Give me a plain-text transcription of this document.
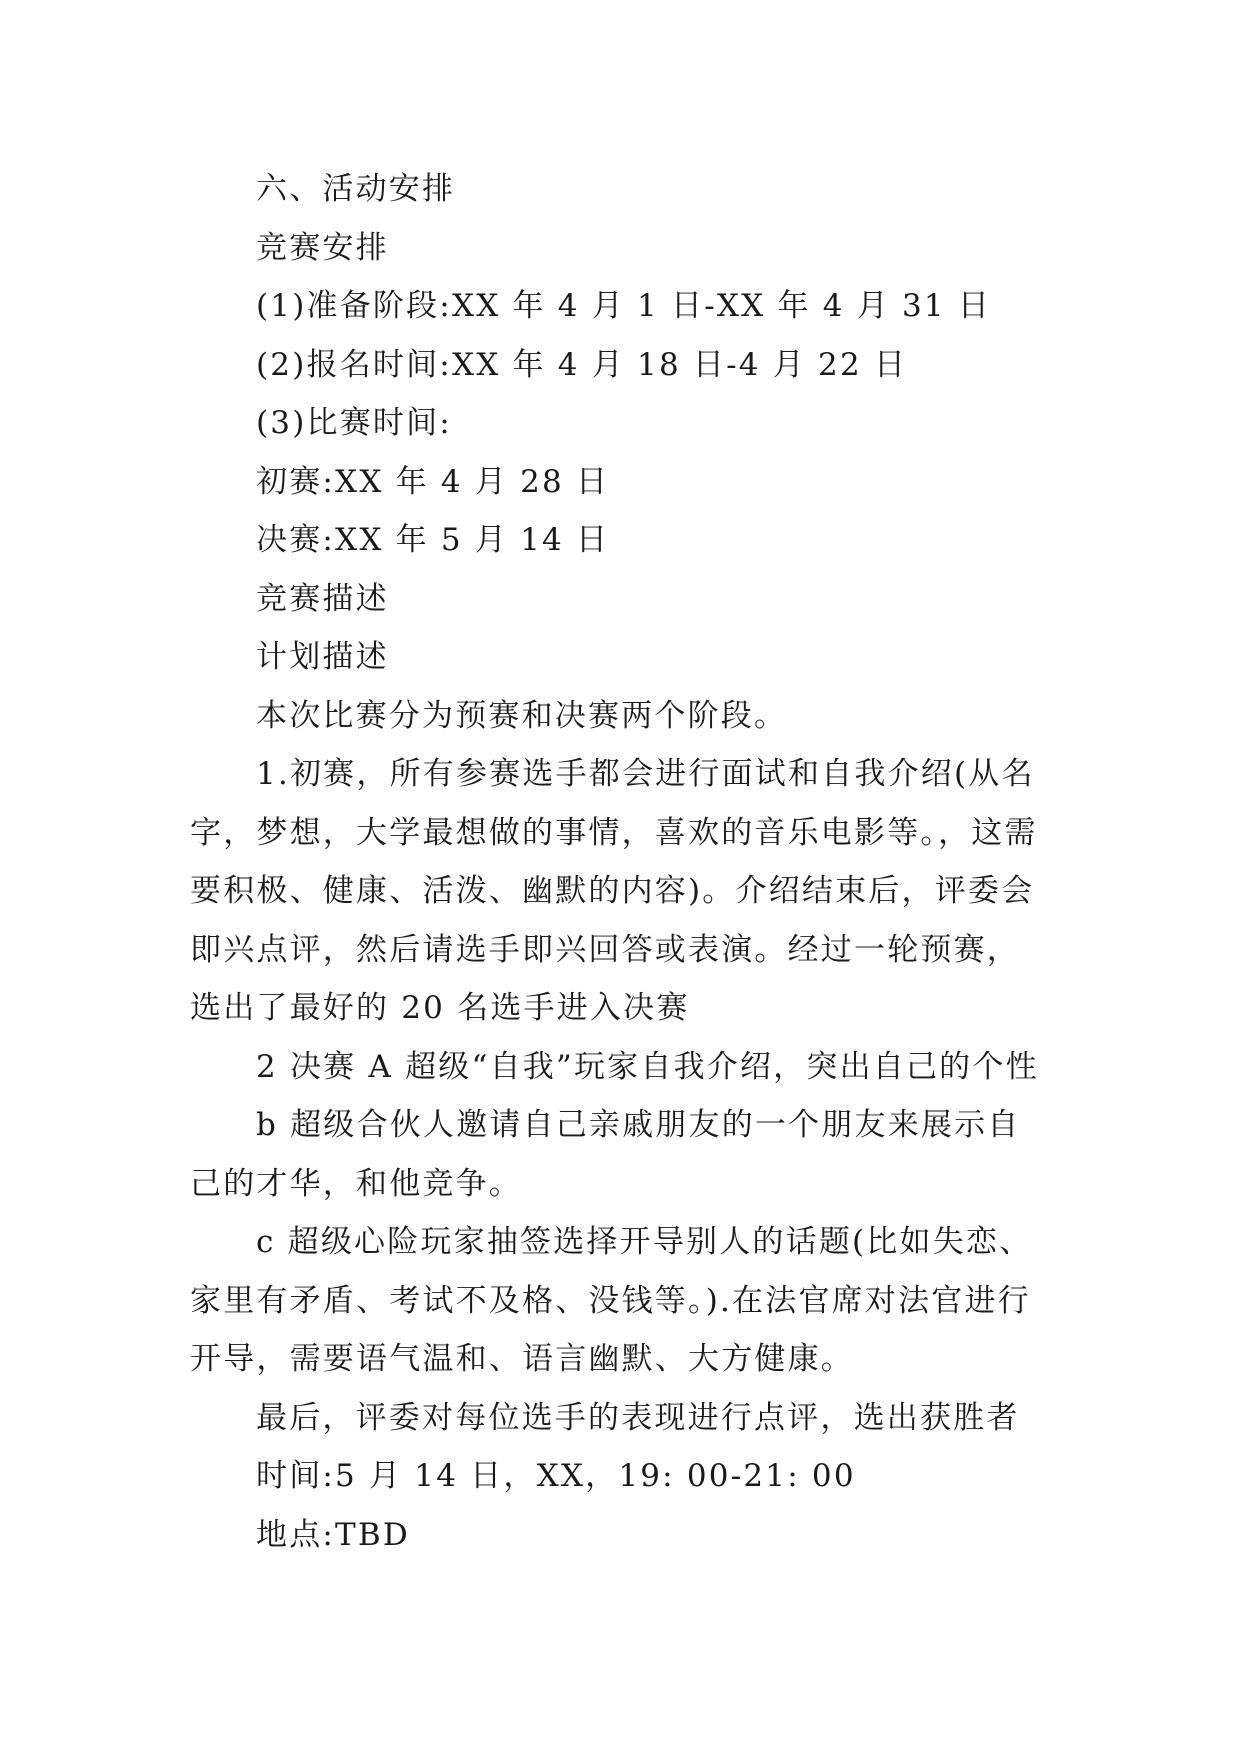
六、活动安排

竞赛安排

(1)准备阶段:XX 年 4 月 1 日-XX 年 4 月 31 日

(2)报名时间:XX 年 4 月 18 日-4 月 22 日

(3)比赛时间:

初赛:XX 年 4 月 28 日

决赛:XX 年 5 月 14 日

竞赛描述

计划描述

本次比赛分为预赛和决赛两个阶段。

1.初赛，所有参赛选手都会进行面试和自我介绍(从名字，梦想，大学最想做的事情，喜欢的音乐电影等。，这需要积极、健康、活泼、幽默的内容)。介绍结束后，评委会即兴点评，然后请选手即兴回答或表演。经过一轮预赛，选出了最好的 20 名选手进入决赛

2 决赛 A 超级“自我”玩家自我介绍，突出自己的个性

b 超级合伙人邀请自己亲戚朋友的一个朋友来展示自己的才华，和他竞争。

c 超级心险玩家抽签选择开导别人的话题(比如失恋、家里有矛盾、考试不及格、没钱等。).在法官席对法官进行开导，需要语气温和、语言幽默、大方健康。

最后，评委对每位选手的表现进行点评，选出获胜者

时间:5 月 14 日，XX，19: 00-21: 00

地点:TBD
